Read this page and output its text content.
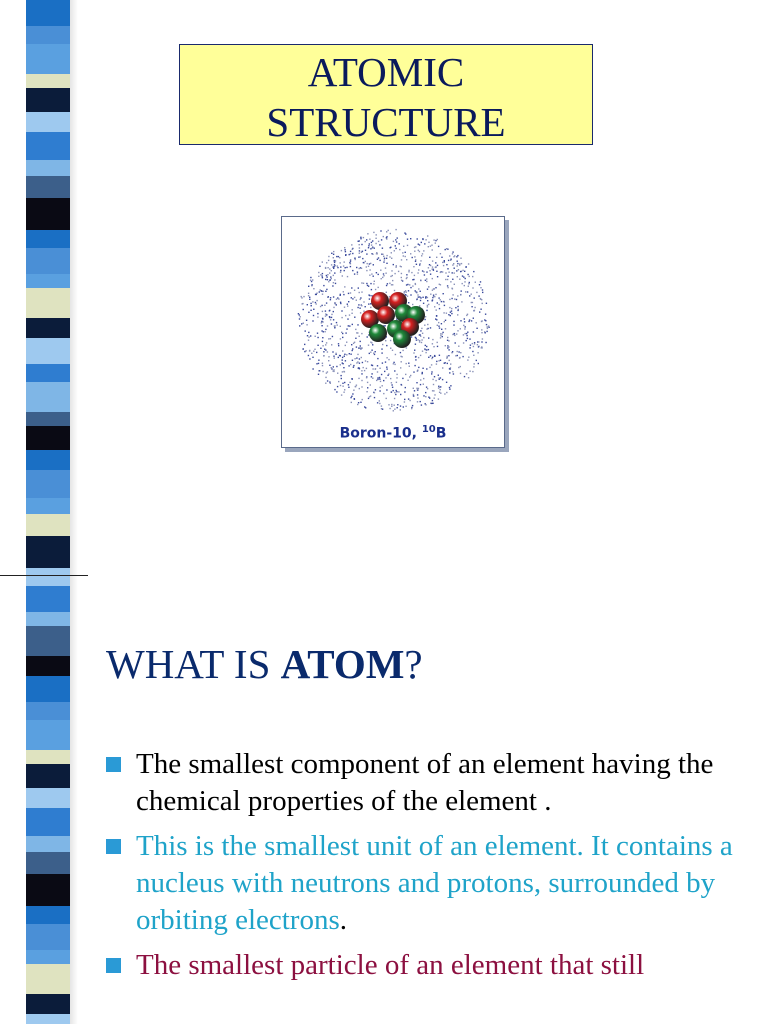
ATOMIC
STRUCTURE
Boron-10, $^{10}$B
WHAT IS ATOM?
The smallest component of an element having the chemical properties of the element .
This is the smallest unit of an element. It contains a nucleus with neutrons and protons, surrounded by orbiting electrons.
The smallest particle of an element that still
